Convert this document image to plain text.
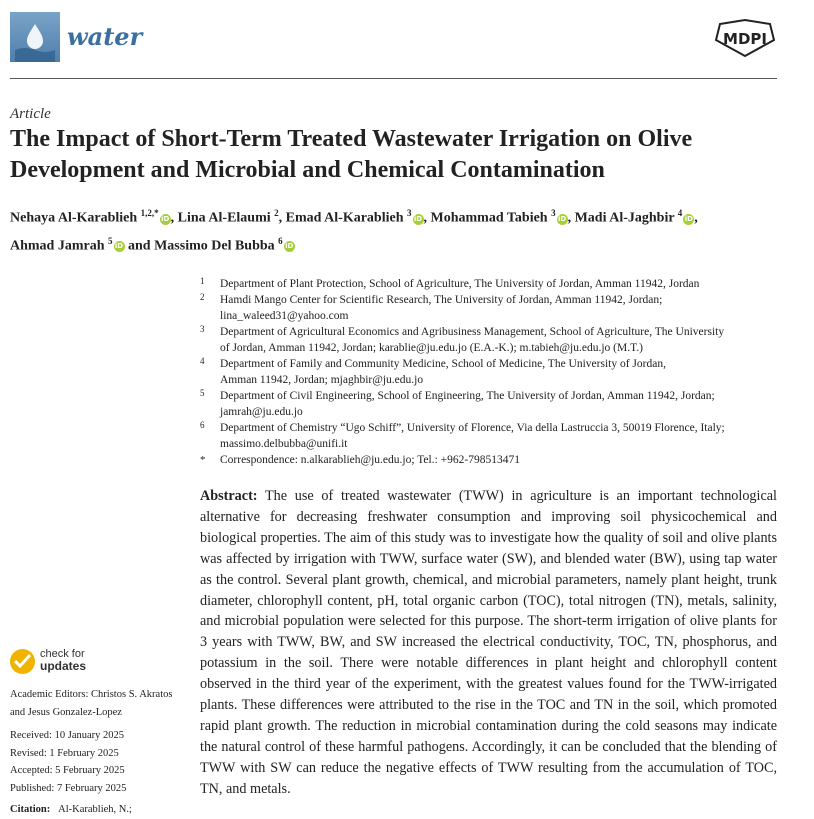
water	MDPI
Article
The Impact of Short-Term Treated Wastewater Irrigation on Olive Development and Microbial and Chemical Contamination
Nehaya Al-Karablieh $^{1,2,*}$iD, Lina Al-Elaumi $^2$, Emad Al-Karablieh $^3$iD, Mohammad Tabieh $^3$iD, Madi Al-Jaghbir $^4$iD,
Ahmad Jamrah $^5$iD and Massimo Del Bubba $^6$iD
1 Department of Plant Protection, School of Agriculture, The University of Jordan, Amman 11942, Jordan
2 Hamdi Mango Center for Scientific Research, The University of Jordan, Amman 11942, Jordan;
lina_waleed31@yahoo.com
3 Department of Agricultural Economics and Agribusiness Management, School of Agriculture, The University
of Jordan, Amman 11942, Jordan; karablie@ju.edu.jo (E.A.-K.); m.tabieh@ju.edu.jo (M.T.)
4 Department of Family and Community Medicine, School of Medicine, The University of Jordan,
Amman 11942, Jordan; mjaghbir@ju.edu.jo
5 Department of Civil Engineering, School of Engineering, The University of Jordan, Amman 11942, Jordan;
jamrah@ju.edu.jo
6 Department of Chemistry “Ugo Schiff”, University of Florence, Via della Lastruccia 3, 50019 Florence, Italy;
massimo.delbubba@unifi.it
* Correspondence: n.alkarablieh@ju.edu.jo; Tel.: +962-798513471

Abstract: The use of treated wastewater (TWW) in agriculture is an important technological alternative for decreasing freshwater consumption and improving soil physicochemical and biological properties. The aim of this study was to investigate how the quality of soil and olive plants was affected by irrigation with TWW, surface water (SW), and blended water (BW), using tap water as the control. Several plant growth, chemical, and microbial parameters, namely plant height, trunk diameter, chlorophyll content, pH, total organic carbon (TOC), total nitrogen (TN), metals, salinity, and microbial population were selected for this purpose. The short-term irrigation of olive plants for 3 years with TWW, BW, and SW increased the electrical conductivity, TOC, TN, phosphorus, and potassium in the soil. There were notable differences in plant height and chlorophyll content observed in the third year of the experiment, with the greatest values found for the TWW-irrigated plants. These differences were attributed to the rise in the TOC and TN in the soil, which promoted rapid plant growth. The reduction in microbial contamination during the cold seasons may indicate the natural control of these harmful pathogens. Accordingly, it can be concluded that the blending of TWW with SW can reduce the negative effects of TWW resulting from the accumulation of TOC, TN, and metals.

check for
updates
Academic Editors: Christos S. Akratos
and Jesus Gonzalez-Lopez
Received: 10 January 2025
Revised: 1 February 2025
Accepted: 5 February 2025
Published: 7 February 2025
Citation: Al-Karablieh, N.;
